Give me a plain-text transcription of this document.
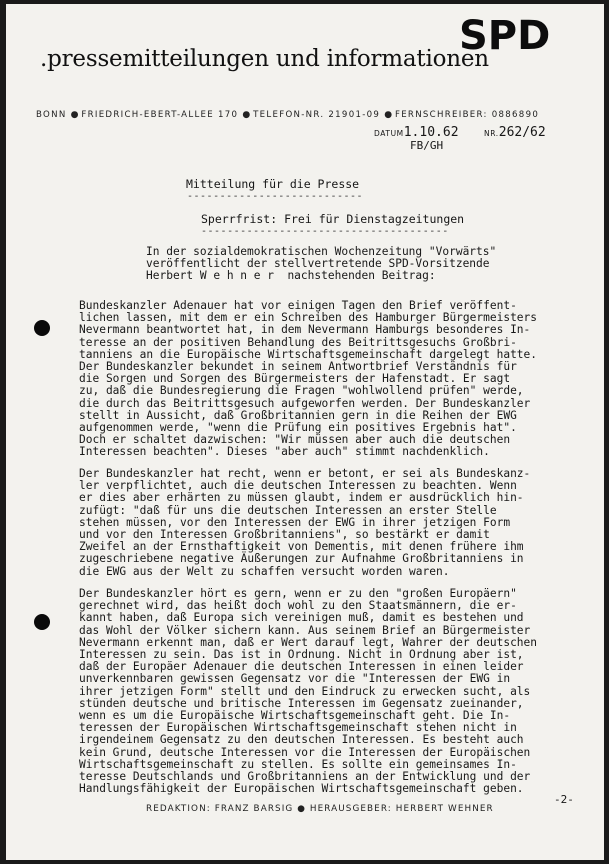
.pressemitteilungen und informationen
SPD
BONN ● FRIEDRICH-EBERT-ALLEE 170 ● TELEFON-NR. 21901-09 ● FERNSCHREIBER: 0886890
DATUM1.10.62	NR.262/62
FB/GH
Mitteilung für die Presse
---------------------------
Sperrfrist: Frei für Dienstagzeitungen
--------------------------------------
In der sozialdemokratischen Wochenzeitung "Vorwärts"
veröffentlicht der stellvertretende SPD-Vorsitzende
Herbert W e h n e r  nachstehenden Beitrag:
Bundeskanzler Adenauer hat vor einigen Tagen den Brief veröffent-
lichen lassen, mit dem er ein Schreiben des Hamburger Bürgermeisters
Nevermann beantwortet hat, in dem Nevermann Hamburgs besonderes In-
teresse an der positiven Behandlung des Beitrittsgesuchs Großbri-
tanniens an die Europäische Wirtschaftsgemeinschaft dargelegt hatte.
Der Bundeskanzler bekundet in seinem Antwortbrief Verständnis für
die Sorgen und Sorgen des Bürgermeisters der Hafenstadt. Er sagt
zu, daß die Bundesregierung die Fragen "wohlwollend prüfen" werde,
die durch das Beitrittsgesuch aufgeworfen werden. Der Bundeskanzler
stellt in Aussicht, daß Großbritannien gern in die Reihen der EWG
aufgenommen werde, "wenn die Prüfung ein positives Ergebnis hat".
Doch er schaltet dazwischen: "Wir müssen aber auch die deutschen
Interessen beachten". Dieses "aber auch" stimmt nachdenklich.
Der Bundeskanzler hat recht, wenn er betont, er sei als Bundeskanz-
ler verpflichtet, auch die deutschen Interessen zu beachten. Wenn
er dies aber erhärten zu müssen glaubt, indem er ausdrücklich hin-
zufügt: "daß für uns die deutschen Interessen an erster Stelle
stehen müssen, vor den Interessen der EWG in ihrer jetzigen Form
und vor den Interessen Großbritanniens", so bestärkt er damit
Zweifel an der Ernsthaftigkeit von Dementis, mit denen frühere ihm
zugeschriebene negative Äußerungen zur Aufnahme Großbritanniens in
die EWG aus der Welt zu schaffen versucht worden waren.
Der Bundeskanzler hört es gern, wenn er zu den "großen Europäern"
gerechnet wird, das heißt doch wohl zu den Staatsmännern, die er-
kannt haben, daß Europa sich vereinigen muß, damit es bestehen und
das Wohl der Völker sichern kann. Aus seinem Brief an Bürgermeister
Nevermann erkennt man, daß er Wert darauf legt, Wahrer der deutschen
Interessen zu sein. Das ist in Ordnung. Nicht in Ordnung aber ist,
daß der Europäer Adenauer die deutschen Interessen in einen leider
unverkennbaren gewissen Gegensatz vor die "Interessen der EWG in
ihrer jetzigen Form" stellt und den Eindruck zu erwecken sucht, als
stünden deutsche und britische Interessen im Gegensatz zueinander,
wenn es um die Europäische Wirtschaftsgemeinschaft geht. Die In-
teressen der Europäischen Wirtschaftsgemeinschaft stehen nicht in
irgendeinem Gegensatz zu den deutschen Interessen. Es besteht auch
kein Grund, deutsche Interessen vor die Interessen der Europäischen
Wirtschaftsgemeinschaft zu stellen. Es sollte ein gemeinsames In-
teresse Deutschlands und Großbritanniens an der Entwicklung und der
Handlungsfähigkeit der Europäischen Wirtschaftsgemeinschaft geben.
-2-
REDAKTION: FRANZ BARSIG ● HERAUSGEBER: HERBERT WEHNER
